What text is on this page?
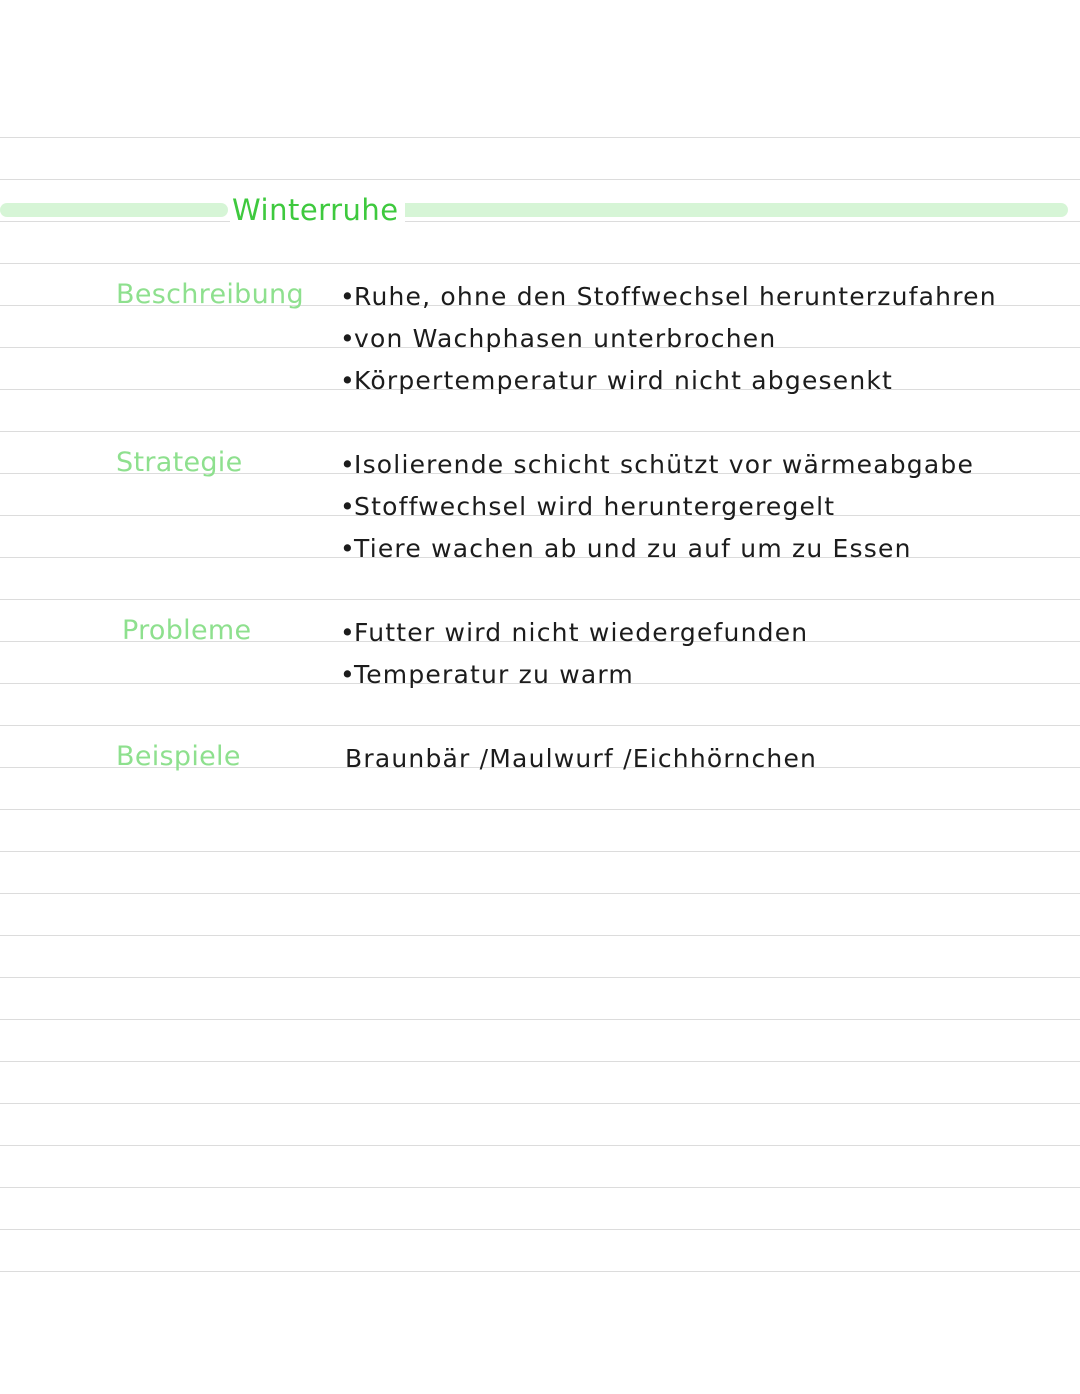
Winterruhe
Beschreibung •Ruhe, ohne den Stoffwechsel herunterzufahren
•von Wachphasen unterbrochen
•Körpertemperatur wird nicht abgesenkt
Strategie	•Isolierende schicht schützt vor wärmeabgabe
•Stoffwechsel wird heruntergeregelt
•Tiere wachen ab und zu auf um zu Essen
Probleme	•Futter wird nicht wiedergefunden
•Temperatur zu warm
Beispiele	Braunbär /Maulwurf /Eichhörnchen
